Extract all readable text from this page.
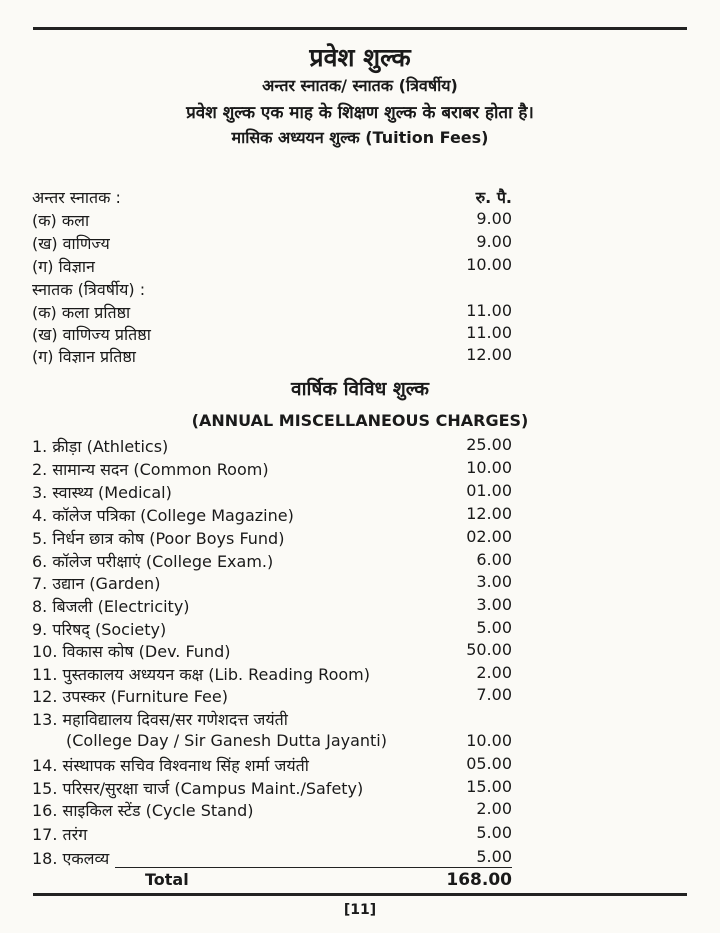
प्रवेश शुल्क
अन्तर स्नातक/ स्नातक (त्रिवर्षीय)
प्रवेश शुल्क एक माह के शिक्षण शुल्क के बराबर होता है।
मासिक अध्ययन शुल्क (Tuition Fees)
अन्तर स्नातक :	रु. पै.
(क) कला	9.00
(ख) वाणिज्य	9.00
(ग) विज्ञान	10.00
स्नातक (त्रिवर्षीय) :
(क) कला प्रतिष्ठा	11.00
(ख) वाणिज्य प्रतिष्ठा	11.00
(ग) विज्ञान प्रतिष्ठा	12.00
वार्षिक विविध शुल्क
(ANNUAL MISCELLANEOUS CHARGES)
1. क्रीड़ा (Athletics)	25.00
2. सामान्य सदन (Common Room)	10.00
3. स्वास्थ्य (Medical)	01.00
4. कॉलेज पत्रिका (College Magazine)	12.00
5. निर्धन छात्र कोष (Poor Boys Fund)	02.00
6. कॉलेज परीक्षाएं (College Exam.)	6.00
7. उद्यान (Garden)	3.00
8. बिजली (Electricity)	3.00
9. परिषद् (Society)	5.00
10. विकास कोष (Dev. Fund)	50.00
11. पुस्तकालय अध्ययन कक्ष (Lib. Reading Room)	2.00
12. उपस्कर (Furniture Fee)	7.00
13. महाविद्यालय दिवस/सर गणेशदत्त जयंती
(College Day / Sir Ganesh Dutta Jayanti)	10.00
14. संस्थापक सचिव विश्वनाथ सिंह शर्मा जयंती	05.00
15. परिसर/सुरक्षा चार्ज (Campus Maint./Safety)	15.00
16. साइकिल स्टेंड (Cycle Stand)	2.00
17. तरंग	5.00
18. एकलव्य	5.00
Total	168.00
[11]
